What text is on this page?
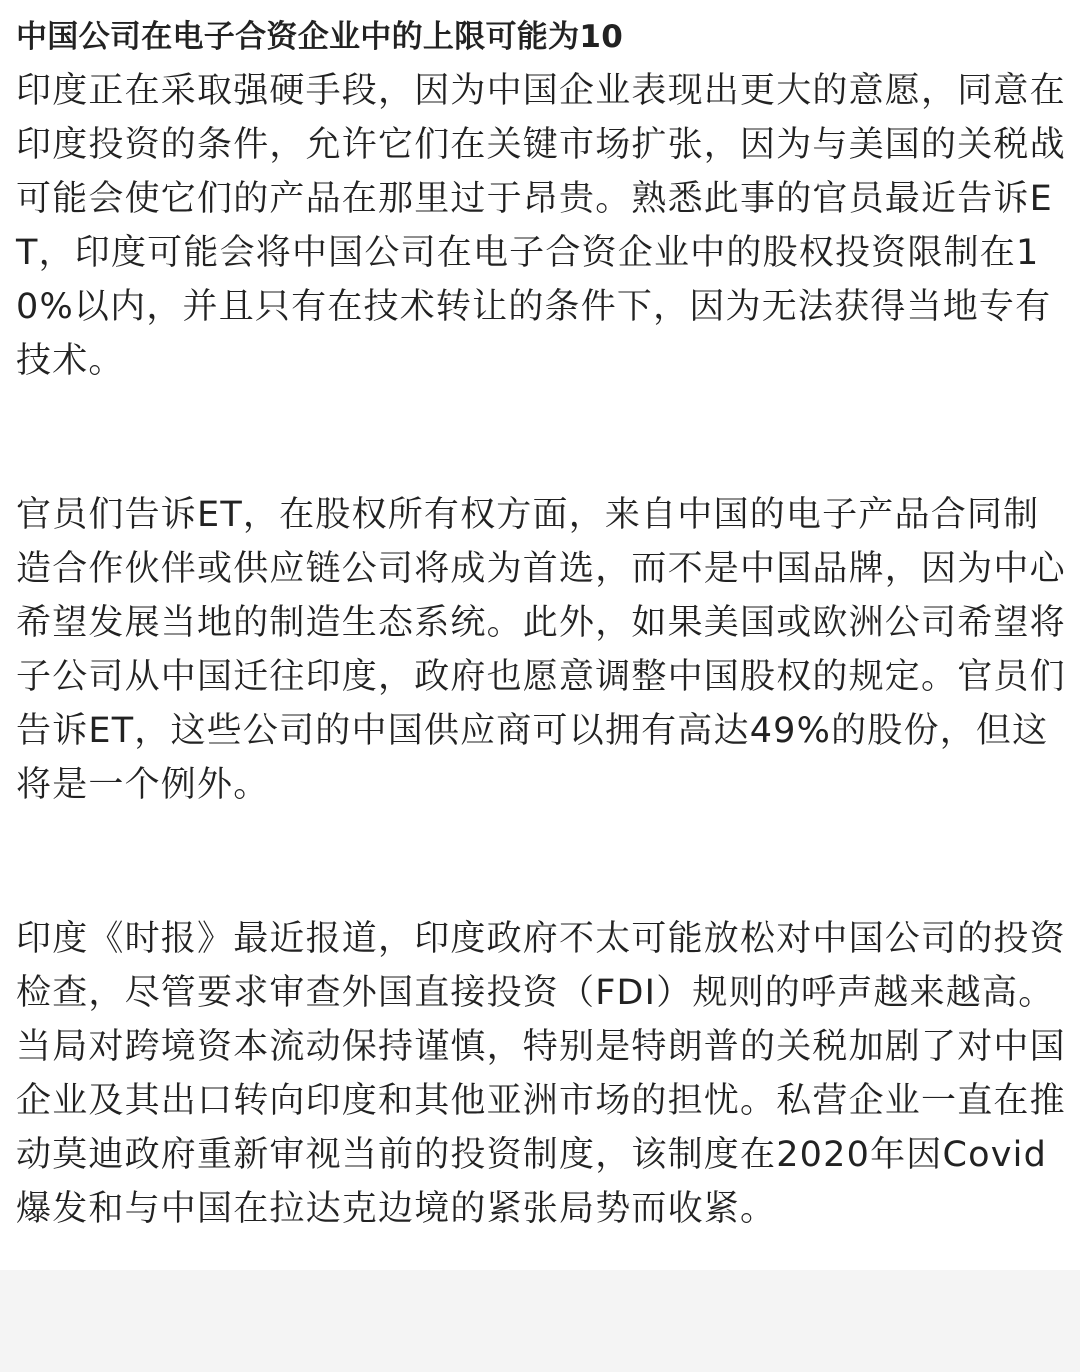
中国公司在电子合资企业中的上限可能为10

印度正在采取强硬手段，因为中国企业表现出更大的意愿，同意在印度投资的条件，允许它们在关键市场扩张，因为与美国的关税战可能会使它们的产品在那里过于昂贵。熟悉此事的官员最近告诉ET，印度可能会将中国公司在电子合资企业中的股权投资限制在10%以内，并且只有在技术转让的条件下，因为无法获得当地专有技术。

官员们告诉ET，在股权所有权方面，来自中国的电子产品合同制造合作伙伴或供应链公司将成为首选，而不是中国品牌，因为中心希望发展当地的制造生态系统。此外，如果美国或欧洲公司希望将子公司从中国迁往印度，政府也愿意调整中国股权的规定。官员们告诉ET，这些公司的中国供应商可以拥有高达49%的股份，但这将是一个例外。

印度《时报》最近报道，印度政府不太可能放松对中国公司的投资检查，尽管要求审查外国直接投资（FDI）规则的呼声越来越高。当局对跨境资本流动保持谨慎，特别是特朗普的关税加剧了对中国企业及其出口转向印度和其他亚洲市场的担忧。私营企业一直在推动莫迪政府重新审视当前的投资制度，该制度在2020年因Covid爆发和与中国在拉达克边境的紧张局势而收紧。
